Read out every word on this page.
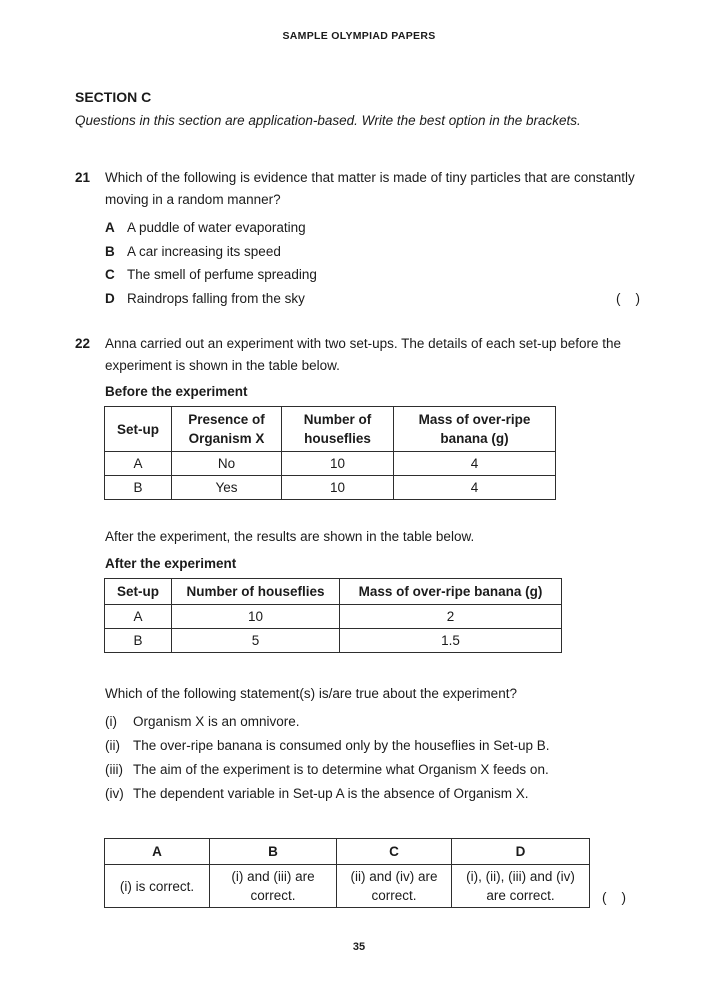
SAMPLE OLYMPIAD PAPERS
SECTION C

Questions in this section are application-based. Write the best option in the brackets.

21	Which of the following is evidence that matter is made of tiny particles that are constantly moving in a random manner?

A A puddle of water evaporating
B A car increasing its speed
C The smell of perfume spreading
D Raindrops falling from the sky	(    )
22	Anna carried out an experiment with two set-ups. The details of each set-up before the experiment is shown in the table below.

Before the experiment

Set-up	Presence of Organism X	Number of houseflies	Mass of over-ripe banana (g)
A	No	10	4
B	Yes	10	4

After the experiment, the results are shown in the table below.

After the experiment

Set-up	Number of houseflies	Mass of over-ripe banana (g)
A	10	2
B	5	1.5

Which of the following statement(s) is/are true about the experiment?

(i)	Organism X is an omnivore.
(ii) The over-ripe banana is consumed only by the houseflies in Set-up B.
(iii) The aim of the experiment is to determine what Organism X feeds on.
(iv) The dependent variable in Set-up A is the absence of Organism X.
A	B	C	D
(i) is correct.	(i) and (iii) are correct.	(ii) and (iv) are correct.	(i), (ii), (iii) and (iv) are correct.	(    )
35
